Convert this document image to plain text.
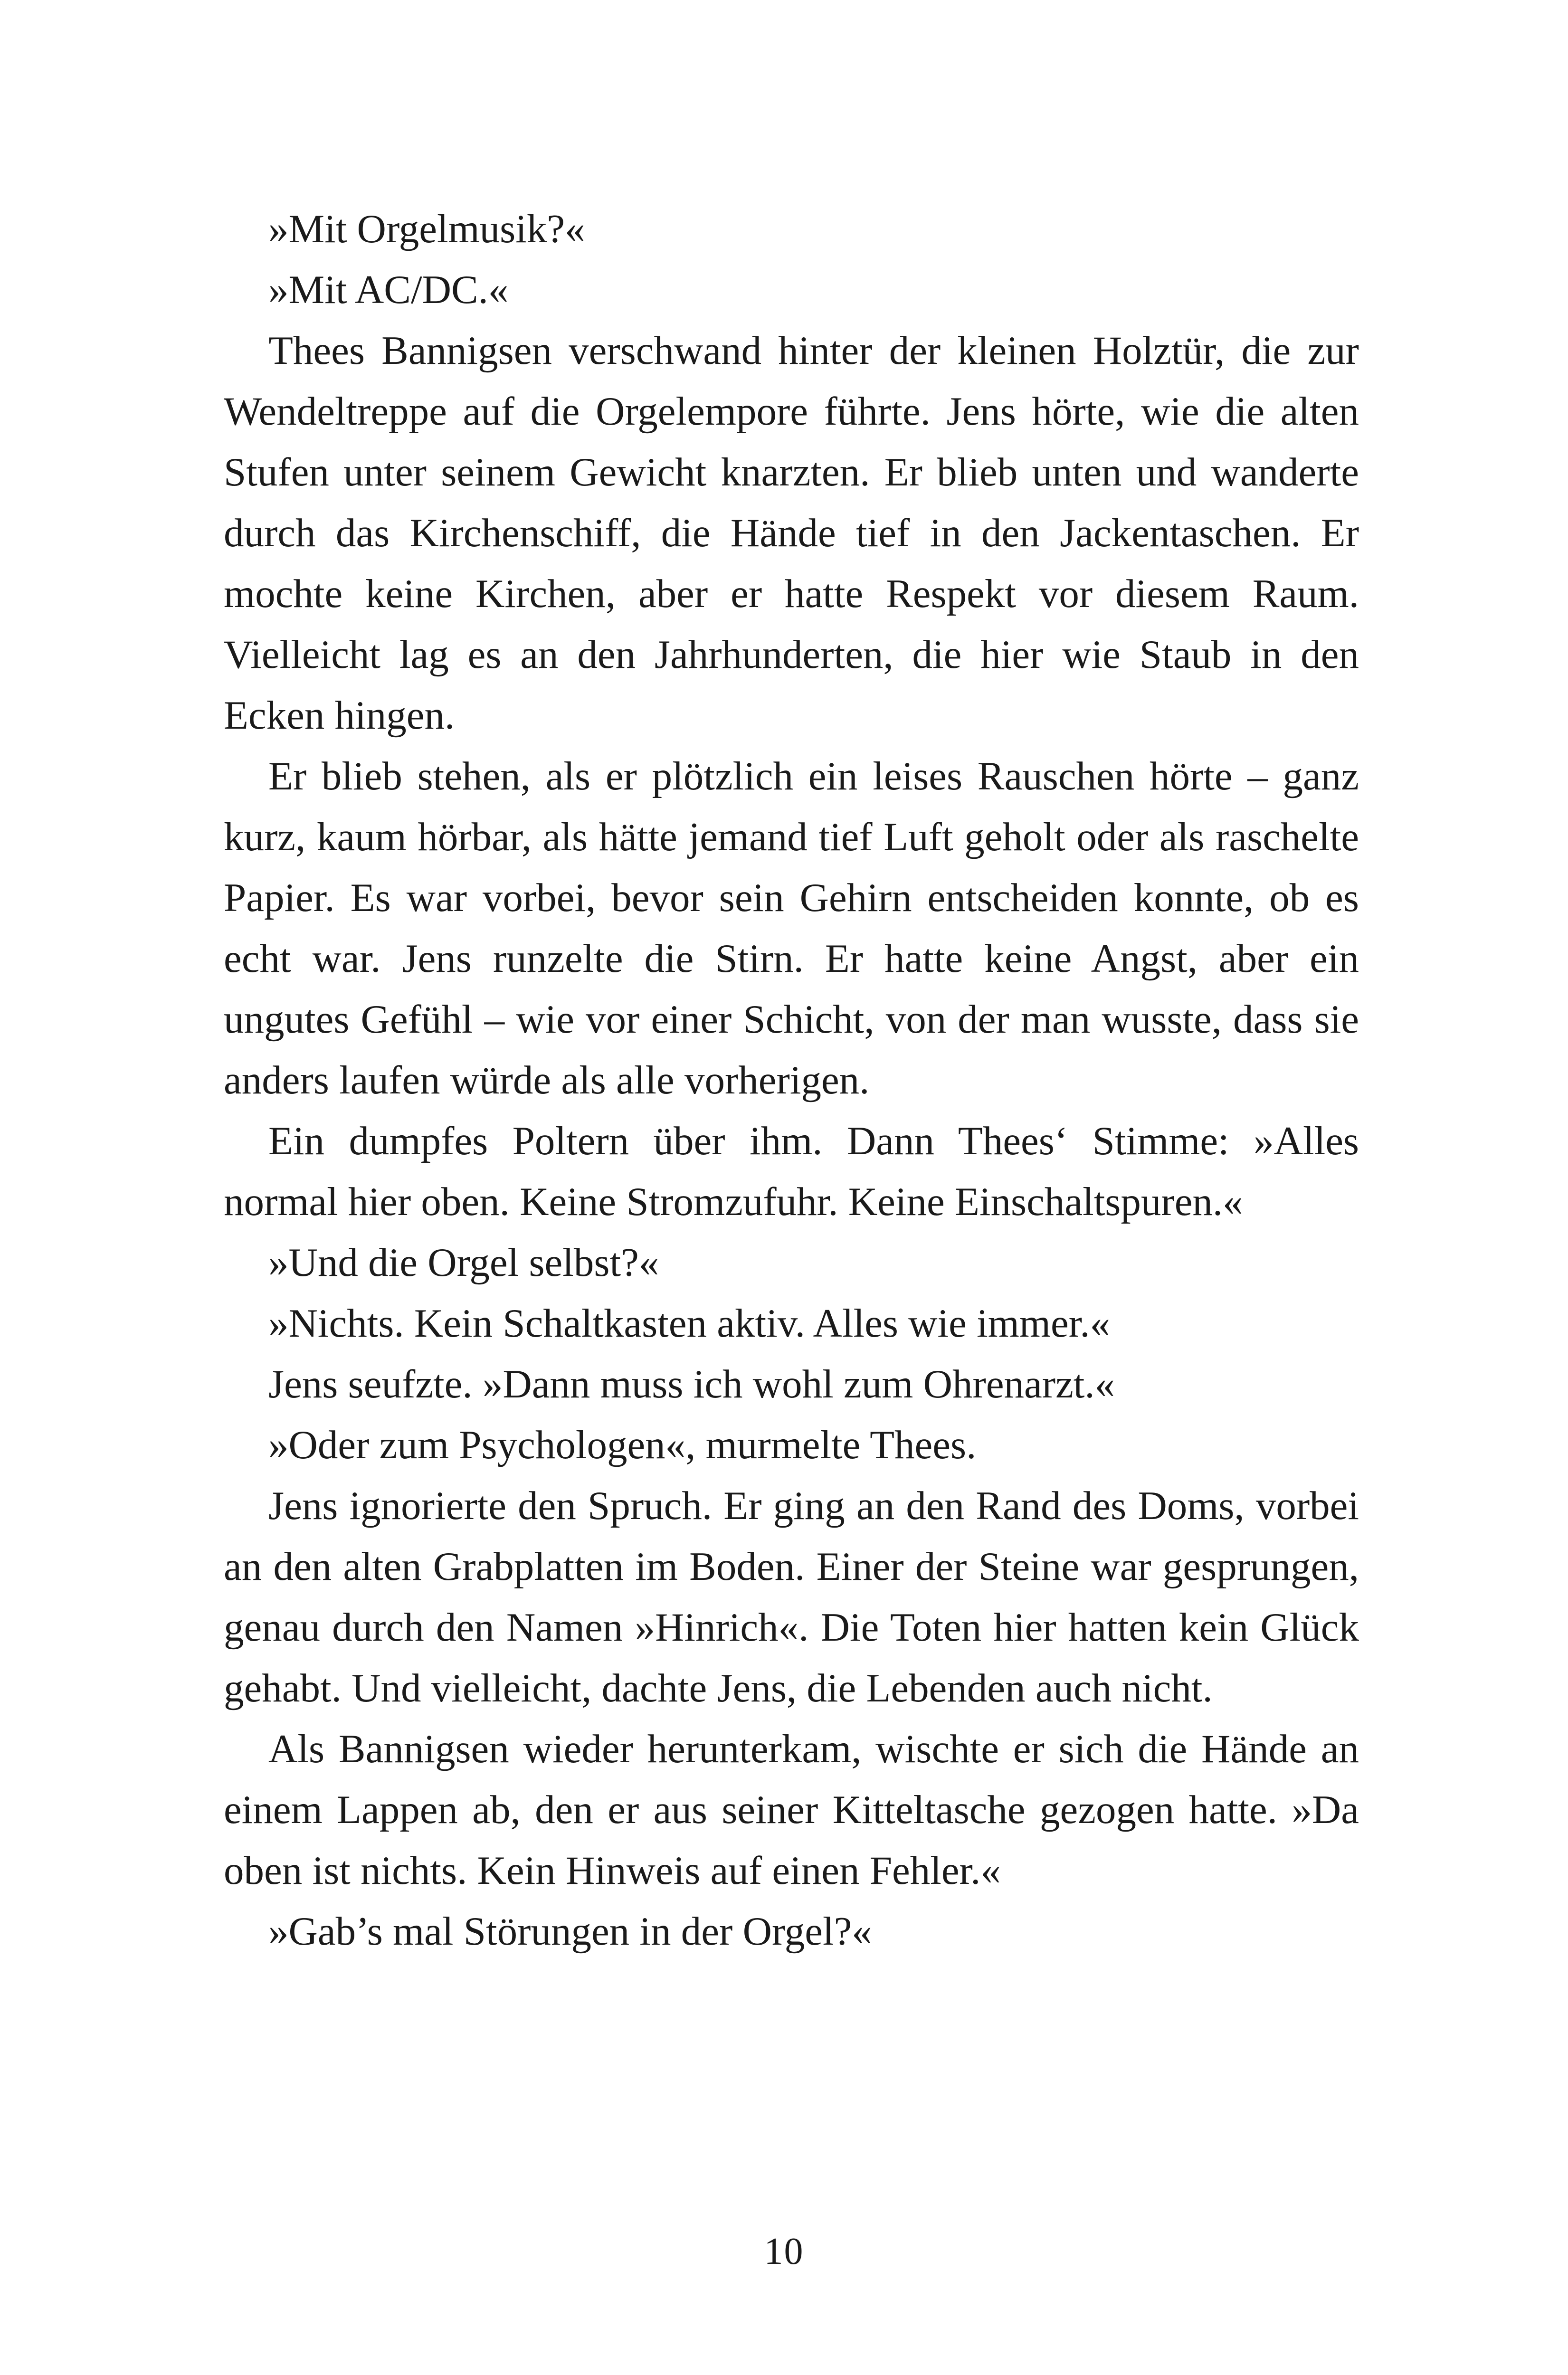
»Mit Orgelmusik?«

»Mit AC/DC.«

Thees Bannigsen verschwand hinter der kleinen Holztür, die zur Wendeltreppe auf die Orgelempore führte. Jens hörte, wie die alten Stufen unter seinem Gewicht knarzten. Er blieb unten und wanderte durch das Kirchenschiff, die Hände tief in den Jackentaschen. Er mochte keine Kirchen, aber er hatte Respekt vor diesem Raum. Vielleicht lag es an den Jahrhunderten, die hier wie Staub in den Ecken hingen.

Er blieb stehen, als er plötzlich ein leises Rauschen hörte – ganz kurz, kaum hörbar, als hätte jemand tief Luft geholt oder als raschelte Papier. Es war vorbei, bevor sein Gehirn entscheiden konnte, ob es echt war. Jens runzelte die Stirn. Er hatte keine Angst, aber ein ungutes Gefühl – wie vor einer Schicht, von der man wusste, dass sie anders laufen würde als alle vorherigen.

Ein dumpfes Poltern über ihm. Dann Thees‘ Stimme: »Alles normal hier oben. Keine Stromzufuhr. Keine Einschaltspuren.«

»Und die Orgel selbst?«

»Nichts. Kein Schaltkasten aktiv. Alles wie immer.«

Jens seufzte. »Dann muss ich wohl zum Ohrenarzt.«

»Oder zum Psychologen«, murmelte Thees.

Jens ignorierte den Spruch. Er ging an den Rand des Doms, vorbei an den alten Grabplatten im Boden. Einer der Steine war gesprungen, genau durch den Namen »Hinrich«. Die Toten hier hatten kein Glück gehabt. Und vielleicht, dachte Jens, die Lebenden auch nicht.

Als Bannigsen wieder herunterkam, wischte er sich die Hände an einem Lappen ab, den er aus seiner Kitteltasche gezogen hatte. »Da oben ist nichts. Kein Hinweis auf einen Fehler.«

»Gab’s mal Störungen in der Orgel?«

10
